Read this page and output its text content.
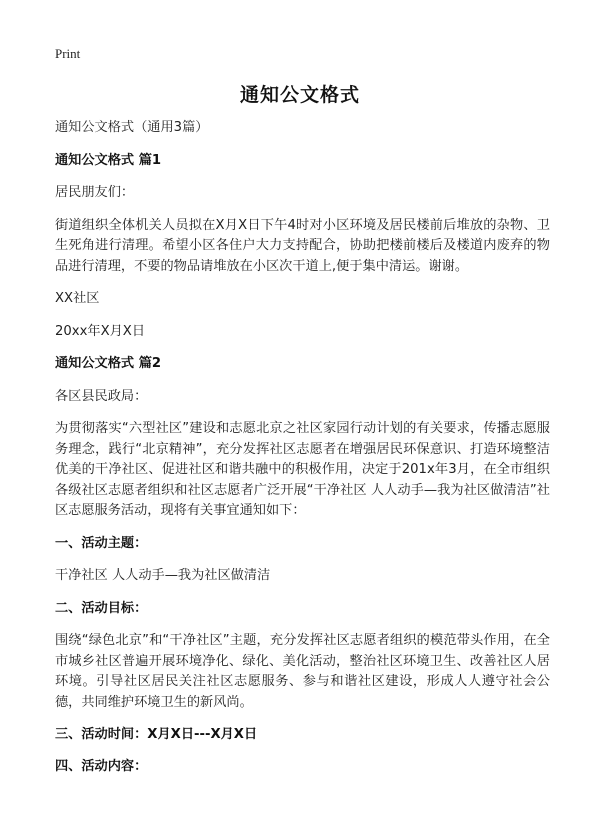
Print
通知公文格式

通知公文格式（通用3篇）

通知公文格式 篇1

居民朋友们：

街道组织全体机关人员拟在X月X日下午4时对小区环境及居民楼前后堆放的杂物、卫生死角进行清理。希望小区各住户大力支持配合，协助把楼前楼后及楼道内废弃的物品进行清理，不要的物品请堆放在小区次干道上,便于集中清运。谢谢。

XX社区

20xx年X月X日

通知公文格式 篇2

各区县民政局：

为贯彻落实“六型社区”建设和志愿北京之社区家园行动计划的有关要求，传播志愿服务理念，践行“北京精神”，充分发挥社区志愿者在增强居民环保意识、打造环境整洁优美的干净社区、促进社区和谐共融中的积极作用，决定于201x年3月，在全市组织各级社区志愿者组织和社区志愿者广泛开展“干净社区 人人动手—我为社区做清洁”社区志愿服务活动，现将有关事宜通知如下：

一、活动主题：

干净社区 人人动手—我为社区做清洁

二、活动目标：

围绕“绿色北京”和“干净社区”主题，充分发挥社区志愿者组织的模范带头作用，在全市城乡社区普遍开展环境净化、绿化、美化活动，整治社区环境卫生、改善社区人居环境。引导社区居民关注社区志愿服务、参与和谐社区建设，形成人人遵守社会公德，共同维护环境卫生的新风尚。

三、活动时间：X月X日---X月X日

四、活动内容：
